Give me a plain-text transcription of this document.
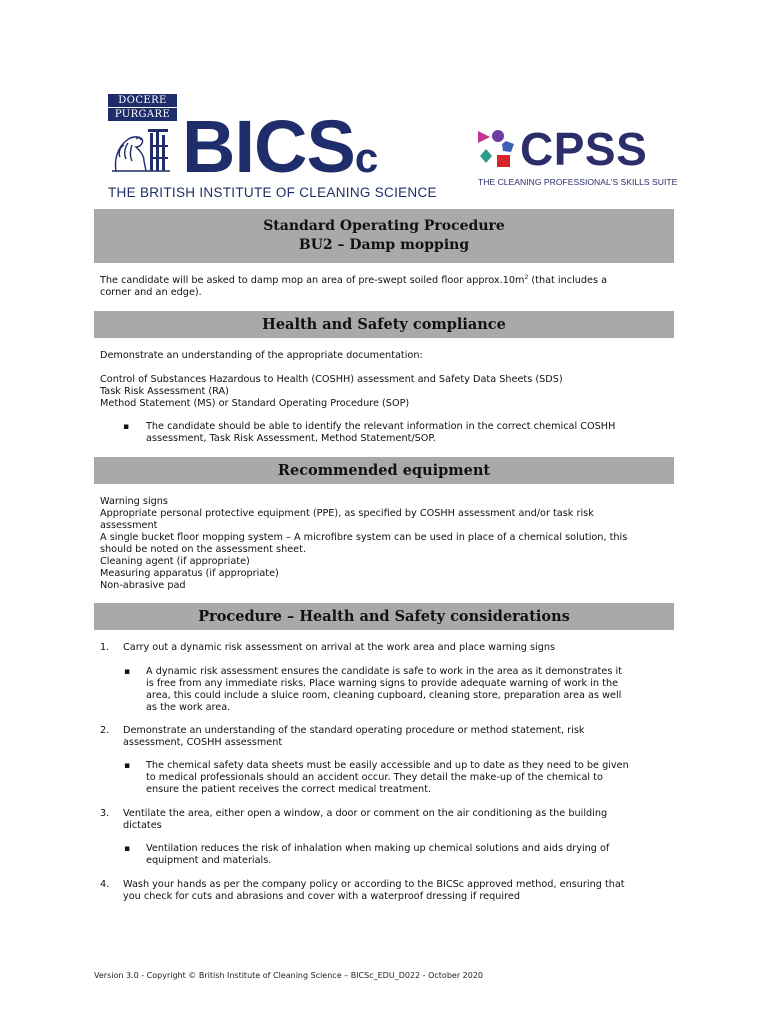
DOCERE
PURGARE BICSc
THE BRITISH INSTITUTE OF CLEANING SCIENCE
CPSS
THE CLEANING PROFESSIONAL'S SKILLS SUITE
Standard Operating Procedure
BU2 – Damp mopping
The candidate will be asked to damp mop an area of pre-swept soiled floor $approx.10m^2$ (that includes a
corner and an edge).
Health and Safety compliance
Demonstrate an understanding of the appropriate documentation:
Control of Substances Hazardous to Health (COSHH) assessment and Safety Data Sheets (SDS)
Task Risk Assessment (RA)
Method Statement (MS) or Standard Operating Procedure (SOP)
▪ The candidate should be able to identify the relevant information in the correct chemical COSHH
assessment, Task Risk Assessment, Method Statement/SOP.
Recommended equipment
Warning signs
Appropriate personal protective equipment (PPE), as specified by COSHH assessment and/or task risk
assessment
A single bucket floor mopping system – A microfibre system can be used in place of a chemical solution, this
should be noted on the assessment sheet.
Cleaning agent (if appropriate)
Measuring apparatus (if appropriate)
Non-abrasive pad
Procedure – Health and Safety considerations
1. Carry out a dynamic risk assessment on arrival at the work area and place warning signs
▪ A dynamic risk assessment ensures the candidate is safe to work in the area as it demonstrates it
is free from any immediate risks. Place warning signs to provide adequate warning of work in the
area, this could include a sluice room, cleaning cupboard, cleaning store, preparation area as well
as the work area.
2. Demonstrate an understanding of the standard operating procedure or method statement, risk
assessment, COSHH assessment
▪ The chemical safety data sheets must be easily accessible and up to date as they need to be given
to medical professionals should an accident occur. They detail the make-up of the chemical to
ensure the patient receives the correct medical treatment.
3. Ventilate the area, either open a window, a door or comment on the air conditioning as the building
dictates
▪ Ventilation reduces the risk of inhalation when making up chemical solutions and aids drying of
equipment and materials.
4. Wash your hands as per the company policy or according to the BICSc approved method, ensuring that
you check for cuts and abrasions and cover with a waterproof dressing if required
Version 3.0 - Copyright © British Institute of Cleaning Science – BICSc_EDU_D022 - October 2020
